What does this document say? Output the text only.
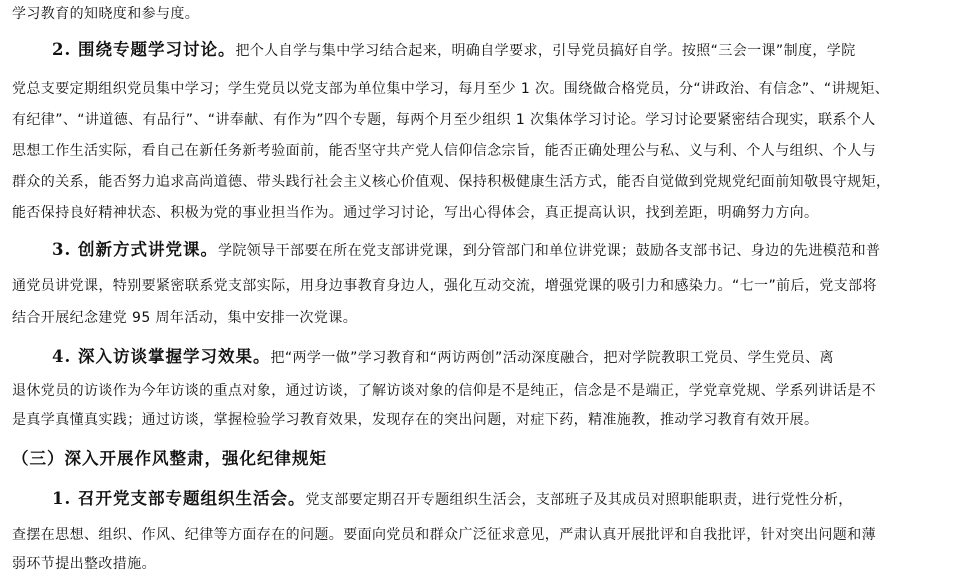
学习教育的知晓度和参与度。
2. 围绕专题学习讨论。把个人自学与集中学习结合起来，明确自学要求，引导党员搞好自学。按照“三会一课”制度，学院
党总支要定期组织党员集中学习；学生党员以党支部为单位集中学习，每月至少 1 次。围绕做合格党员，分“讲政治、有信念”、“讲规矩、
有纪律”、“讲道德、有品行”、“讲奉献、有作为”四个专题，每两个月至少组织 1 次集体学习讨论。学习讨论要紧密结合现实，联系个人
思想工作生活实际，看自己在新任务新考验面前，能否坚守共产党人信仰信念宗旨，能否正确处理公与私、义与利、个人与组织、个人与
群众的关系，能否努力追求高尚道德、带头践行社会主义核心价值观、保持积极健康生活方式，能否自觉做到党规党纪面前知敬畏守规矩，
能否保持良好精神状态、积极为党的事业担当作为。通过学习讨论，写出心得体会，真正提高认识，找到差距，明确努力方向。
3. 创新方式讲党课。学院领导干部要在所在党支部讲党课，到分管部门和单位讲党课；鼓励各支部书记、身边的先进模范和普
通党员讲党课，特别要紧密联系党支部实际，用身边事教育身边人，强化互动交流，增强党课的吸引力和感染力。“七一”前后，党支部将
结合开展纪念建党 95 周年活动，集中安排一次党课。
4. 深入访谈掌握学习效果。把“两学一做”学习教育和“两访两创”活动深度融合，把对学院教职工党员、学生党员、离
退休党员的访谈作为今年访谈的重点对象，通过访谈，了解访谈对象的信仰是不是纯正，信念是不是端正，学党章党规、学系列讲话是不
是真学真懂真实践；通过访谈，掌握检验学习教育效果，发现存在的突出问题，对症下药，精准施教，推动学习教育有效开展。
（三）深入开展作风整肃，强化纪律规矩
1. 召开党支部专题组织生活会。党支部要定期召开专题组织生活会，支部班子及其成员对照职能职责，进行党性分析，
查摆在思想、组织、作风、纪律等方面存在的问题。要面向党员和群众广泛征求意见，严肃认真开展批评和自我批评，针对突出问题和薄
弱环节提出整改措施。
